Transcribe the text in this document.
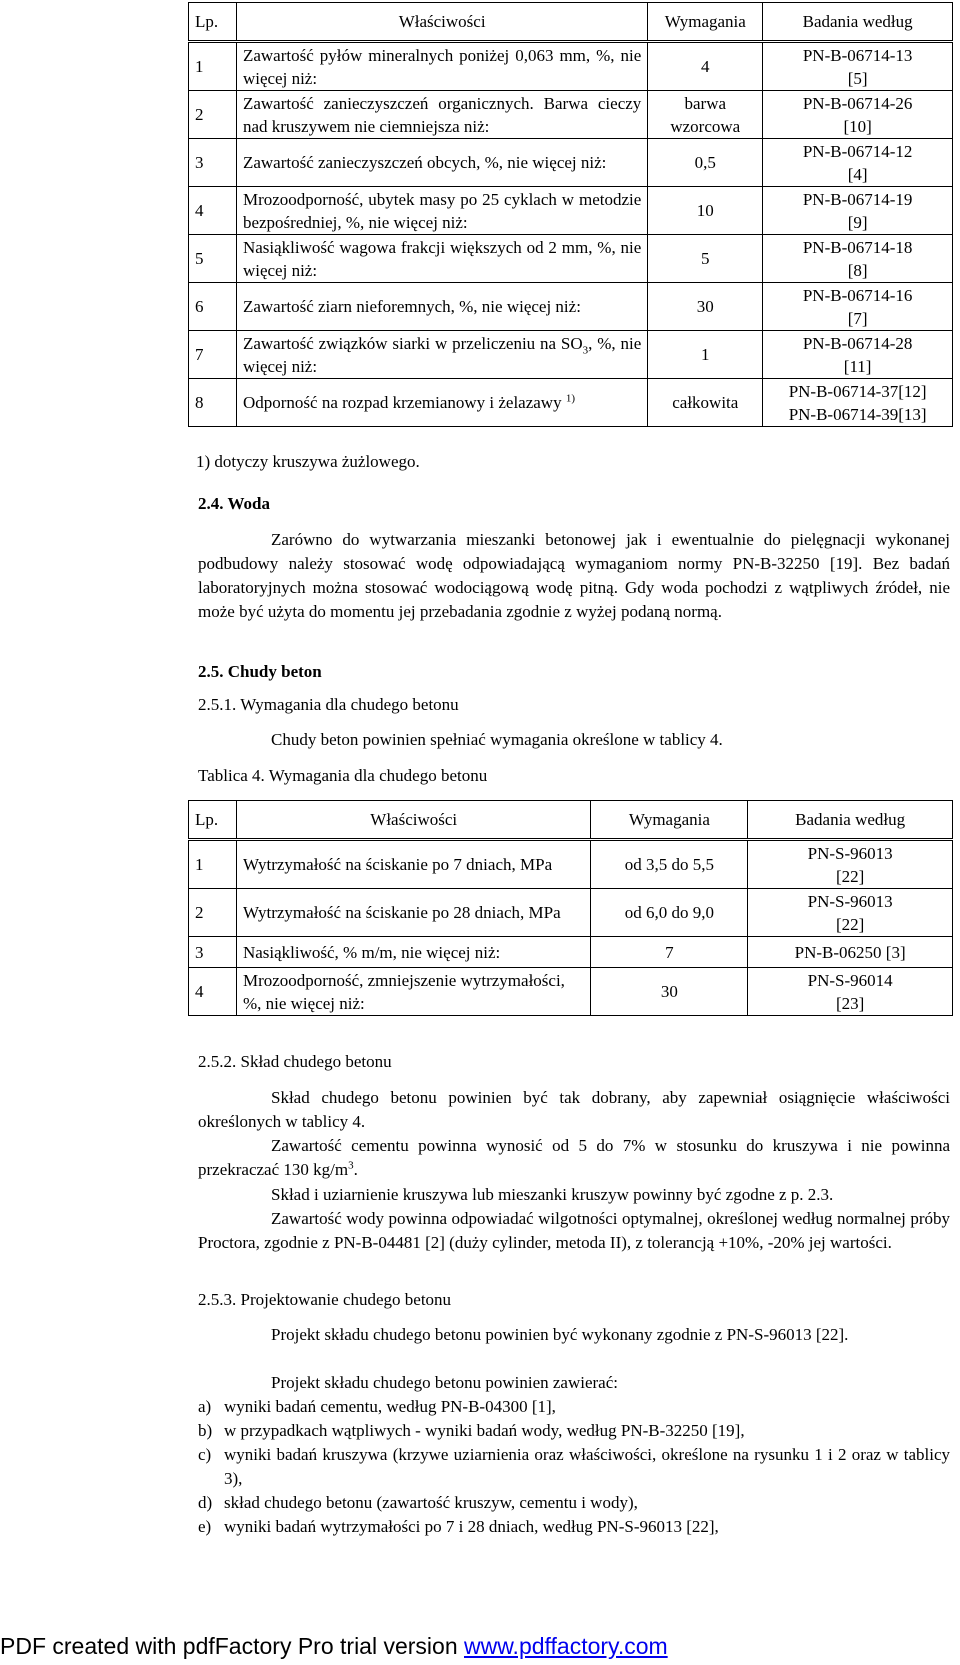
Lp.	Właściwości	Wymagania	Badania według
1	Zawartość pyłów mineralnych poniżej 0,063 mm, %, nie więcej niż:	4	PN-B-06714-13
[5]

2	Zawartość zanieczyszczeń organicznych. Barwa cieczy nad kruszywem nie ciemniejsza niż:	barwa wzorcowa	PN-B-06714-26
[10]

3	Zawartość zanieczyszczeń obcych, %, nie więcej niż:	0,5	PN-B-06714-12
[4]

4	Mrozoodporność, ubytek masy po 25 cyklach w metodzie bezpośredniej, %, nie więcej niż:	10	PN-B-06714-19
[9]

5	Nasiąkliwość wagowa frakcji większych od 2 mm, %, nie więcej niż:	5	PN-B-06714-18
[8]

6	Zawartość ziarn nieforemnych, %, nie więcej niż:	30	PN-B-06714-16
[7]

7	Zawartość związków siarki w przeliczeniu na $SO_3$, %, nie więcej niż:	1	PN-B-06714-28
[11]

8	Odporność na rozpad krzemianowy i żelazawy $^{1)}$	całkowita	PN-B-06714-37[12]
PN-B-06714-39[13]
1) dotyczy kruszywa żużlowego.
2.4. Woda
Zarówno do wytwarzania mieszanki betonowej jak i ewentualnie do pielęgnacji wykonanej podbudowy należy stosować wodę odpowiadającą wymaganiom normy PN-B-32250 [19]. Bez badań laboratoryjnych można stosować wodociągową wodę pitną. Gdy woda pochodzi z wątpliwych źródeł, nie może być użyta do momentu jej przebadania zgodnie z wyżej podaną normą.
2.5. Chudy beton
2.5.1. Wymagania dla chudego betonu
Chudy beton powinien spełniać wymagania określone w tablicy 4.
Tablica 4. Wymagania dla chudego betonu
Lp.	Właściwości	Wymagania	Badania według
1	Wytrzymałość na ściskanie po 7 dniach, MPa	od 3,5 do 5,5	PN-S-96013
[22]

2	Wytrzymałość na ściskanie po 28 dniach, MPa	od 6,0 do 9,0	PN-S-96013
[22]

3	Nasiąkliwość, % m/m, nie więcej niż:	7	PN-B-06250 [3]
4	Mrozoodporność, zmniejszenie wytrzymałości, %, nie więcej niż:	30	PN-S-96014
[23]
2.5.2. Skład chudego betonu
Skład chudego betonu powinien być tak dobrany, aby zapewniał osiągnięcie właściwości określonych w tablicy 4.
Zawartość cementu powinna wynosić od 5 do 7% w stosunku do kruszywa i nie powinna przekraczać 130 $kg/m^3$.
Skład i uziarnienie kruszywa lub mieszanki kruszyw powinny być zgodne z p. 2.3.
Zawartość wody powinna odpowiadać wilgotności optymalnej, określonej według normalnej próby Proctora, zgodnie z PN-B-04481 [2] (duży cylinder, metoda II), z tolerancją +10%, -20% jej wartości.
2.5.3. Projektowanie chudego betonu
Projekt składu chudego betonu powinien być wykonany zgodnie z PN-S-96013 [22].
Projekt składu chudego betonu powinien zawierać:
a) wyniki badań cementu, według PN-B-04300 [1],
b) w przypadkach wątpliwych - wyniki badań wody, według PN-B-32250 [19],
c) wyniki badań kruszywa (krzywe uziarnienia oraz właściwości, określone na rysunku 1 i 2 oraz w tablicy 3),
d) skład chudego betonu (zawartość kruszyw, cementu i wody),
e) wyniki badań wytrzymałości po 7 i 28 dniach, według PN-S-96013 [22],
PDF created with pdfFactory Pro trial version www.pdffactory.com
